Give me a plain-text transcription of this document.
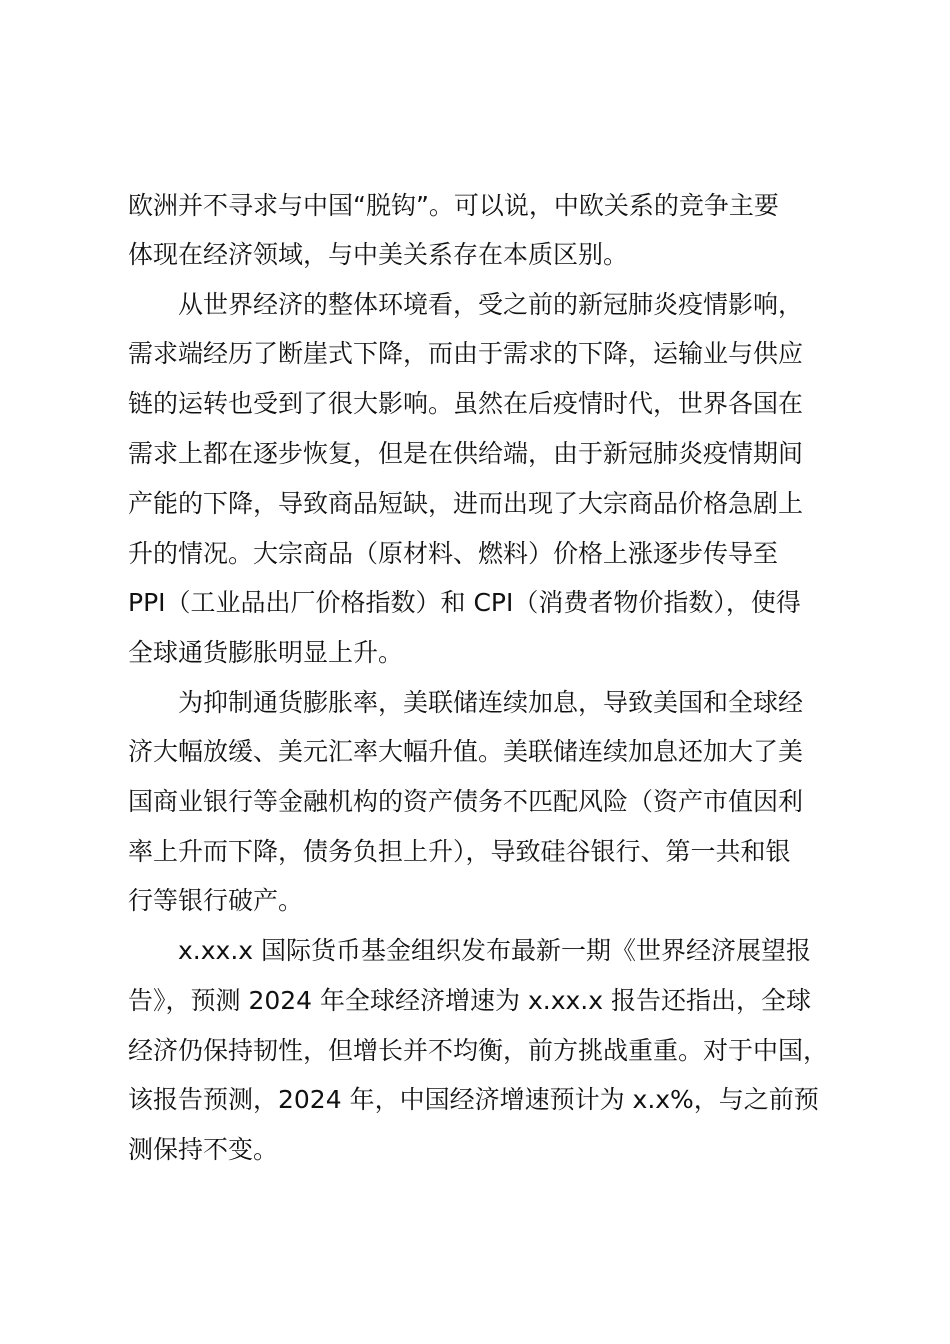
欧洲并不寻求与中国“脱钩”。可以说，中欧关系的竞争主要

体现在经济领域，与中美关系存在本质区别。

从世界经济的整体环境看，受之前的新冠肺炎疫情影响，

需求端经历了断崖式下降，而由于需求的下降，运输业与供应

链的运转也受到了很大影响。虽然在后疫情时代，世界各国在

需求上都在逐步恢复，但是在供给端，由于新冠肺炎疫情期间

产能的下降，导致商品短缺，进而出现了大宗商品价格急剧上

升的情况。大宗商品（原材料、燃料）价格上涨逐步传导至

PPI（工业品出厂价格指数）和 CPI（消费者物价指数），使得

全球通货膨胀明显上升。

为抑制通货膨胀率，美联储连续加息，导致美国和全球经

济大幅放缓、美元汇率大幅升值。美联储连续加息还加大了美

国商业银行等金融机构的资产债务不匹配风险（资产市值因利

率上升而下降，债务负担上升），导致硅谷银行、第一共和银

行等银行破产。

x.xx.x 国际货币基金组织发布最新一期《世界经济展望报

告》，预测 2024 年全球经济增速为 x.xx.x 报告还指出，全球

经济仍保持韧性，但增长并不均衡，前方挑战重重。对于中国，

该报告预测，2024 年，中国经济增速预计为 x.x%，与之前预

测保持不变。
